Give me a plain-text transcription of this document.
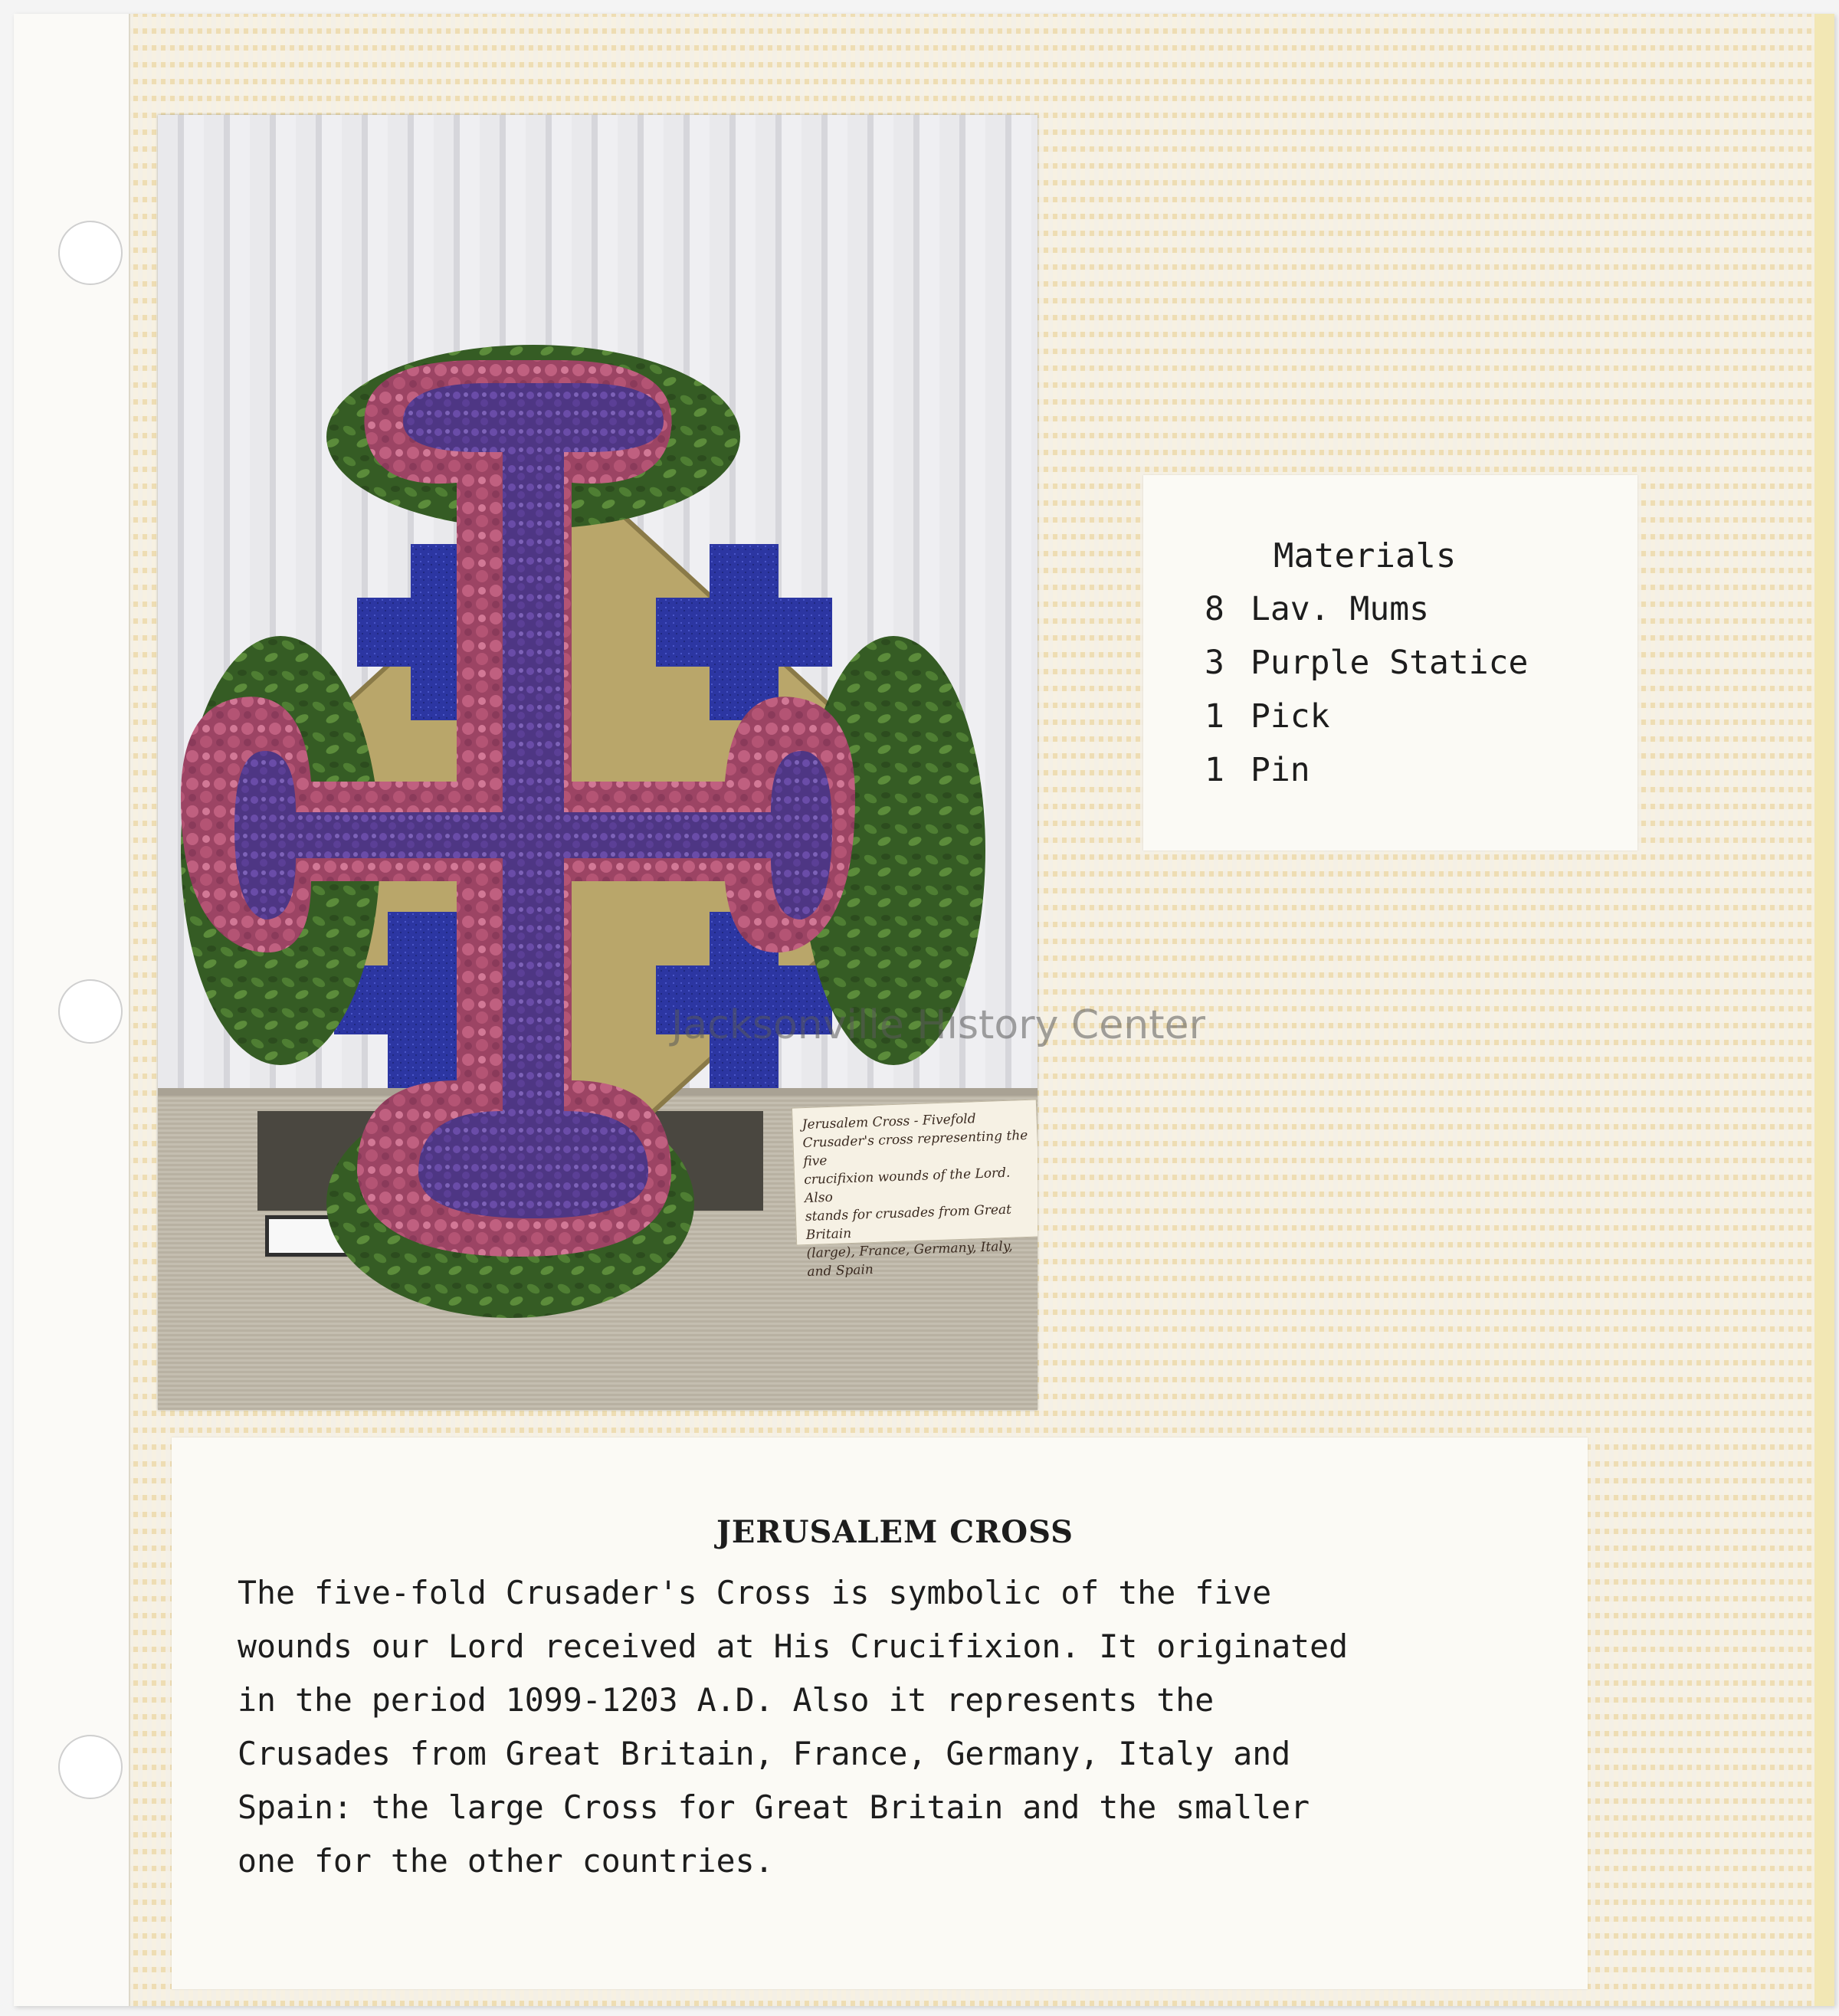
Jerusalem Cross - Fivefold
Crusader's cross representing the five
crucifixion wounds of the Lord. Also
stands for crusades from Great Britain
(large), France, Germany, Italy, and Spain
Materials
8 Lav. Mums
3 Purple Statice
1 Pick
1 Pin
JERUSALEM CROSS

The five-fold Crusader's Cross is symbolic of the five
wounds our Lord received at His Crucifixion. It originated
in the period 1099-1203 A.D. Also it represents the
Crusades from Great Britain, France, Germany, Italy and
Spain: the large Cross for Great Britain and the smaller
one for the other countries.

Jacksonville History Center
